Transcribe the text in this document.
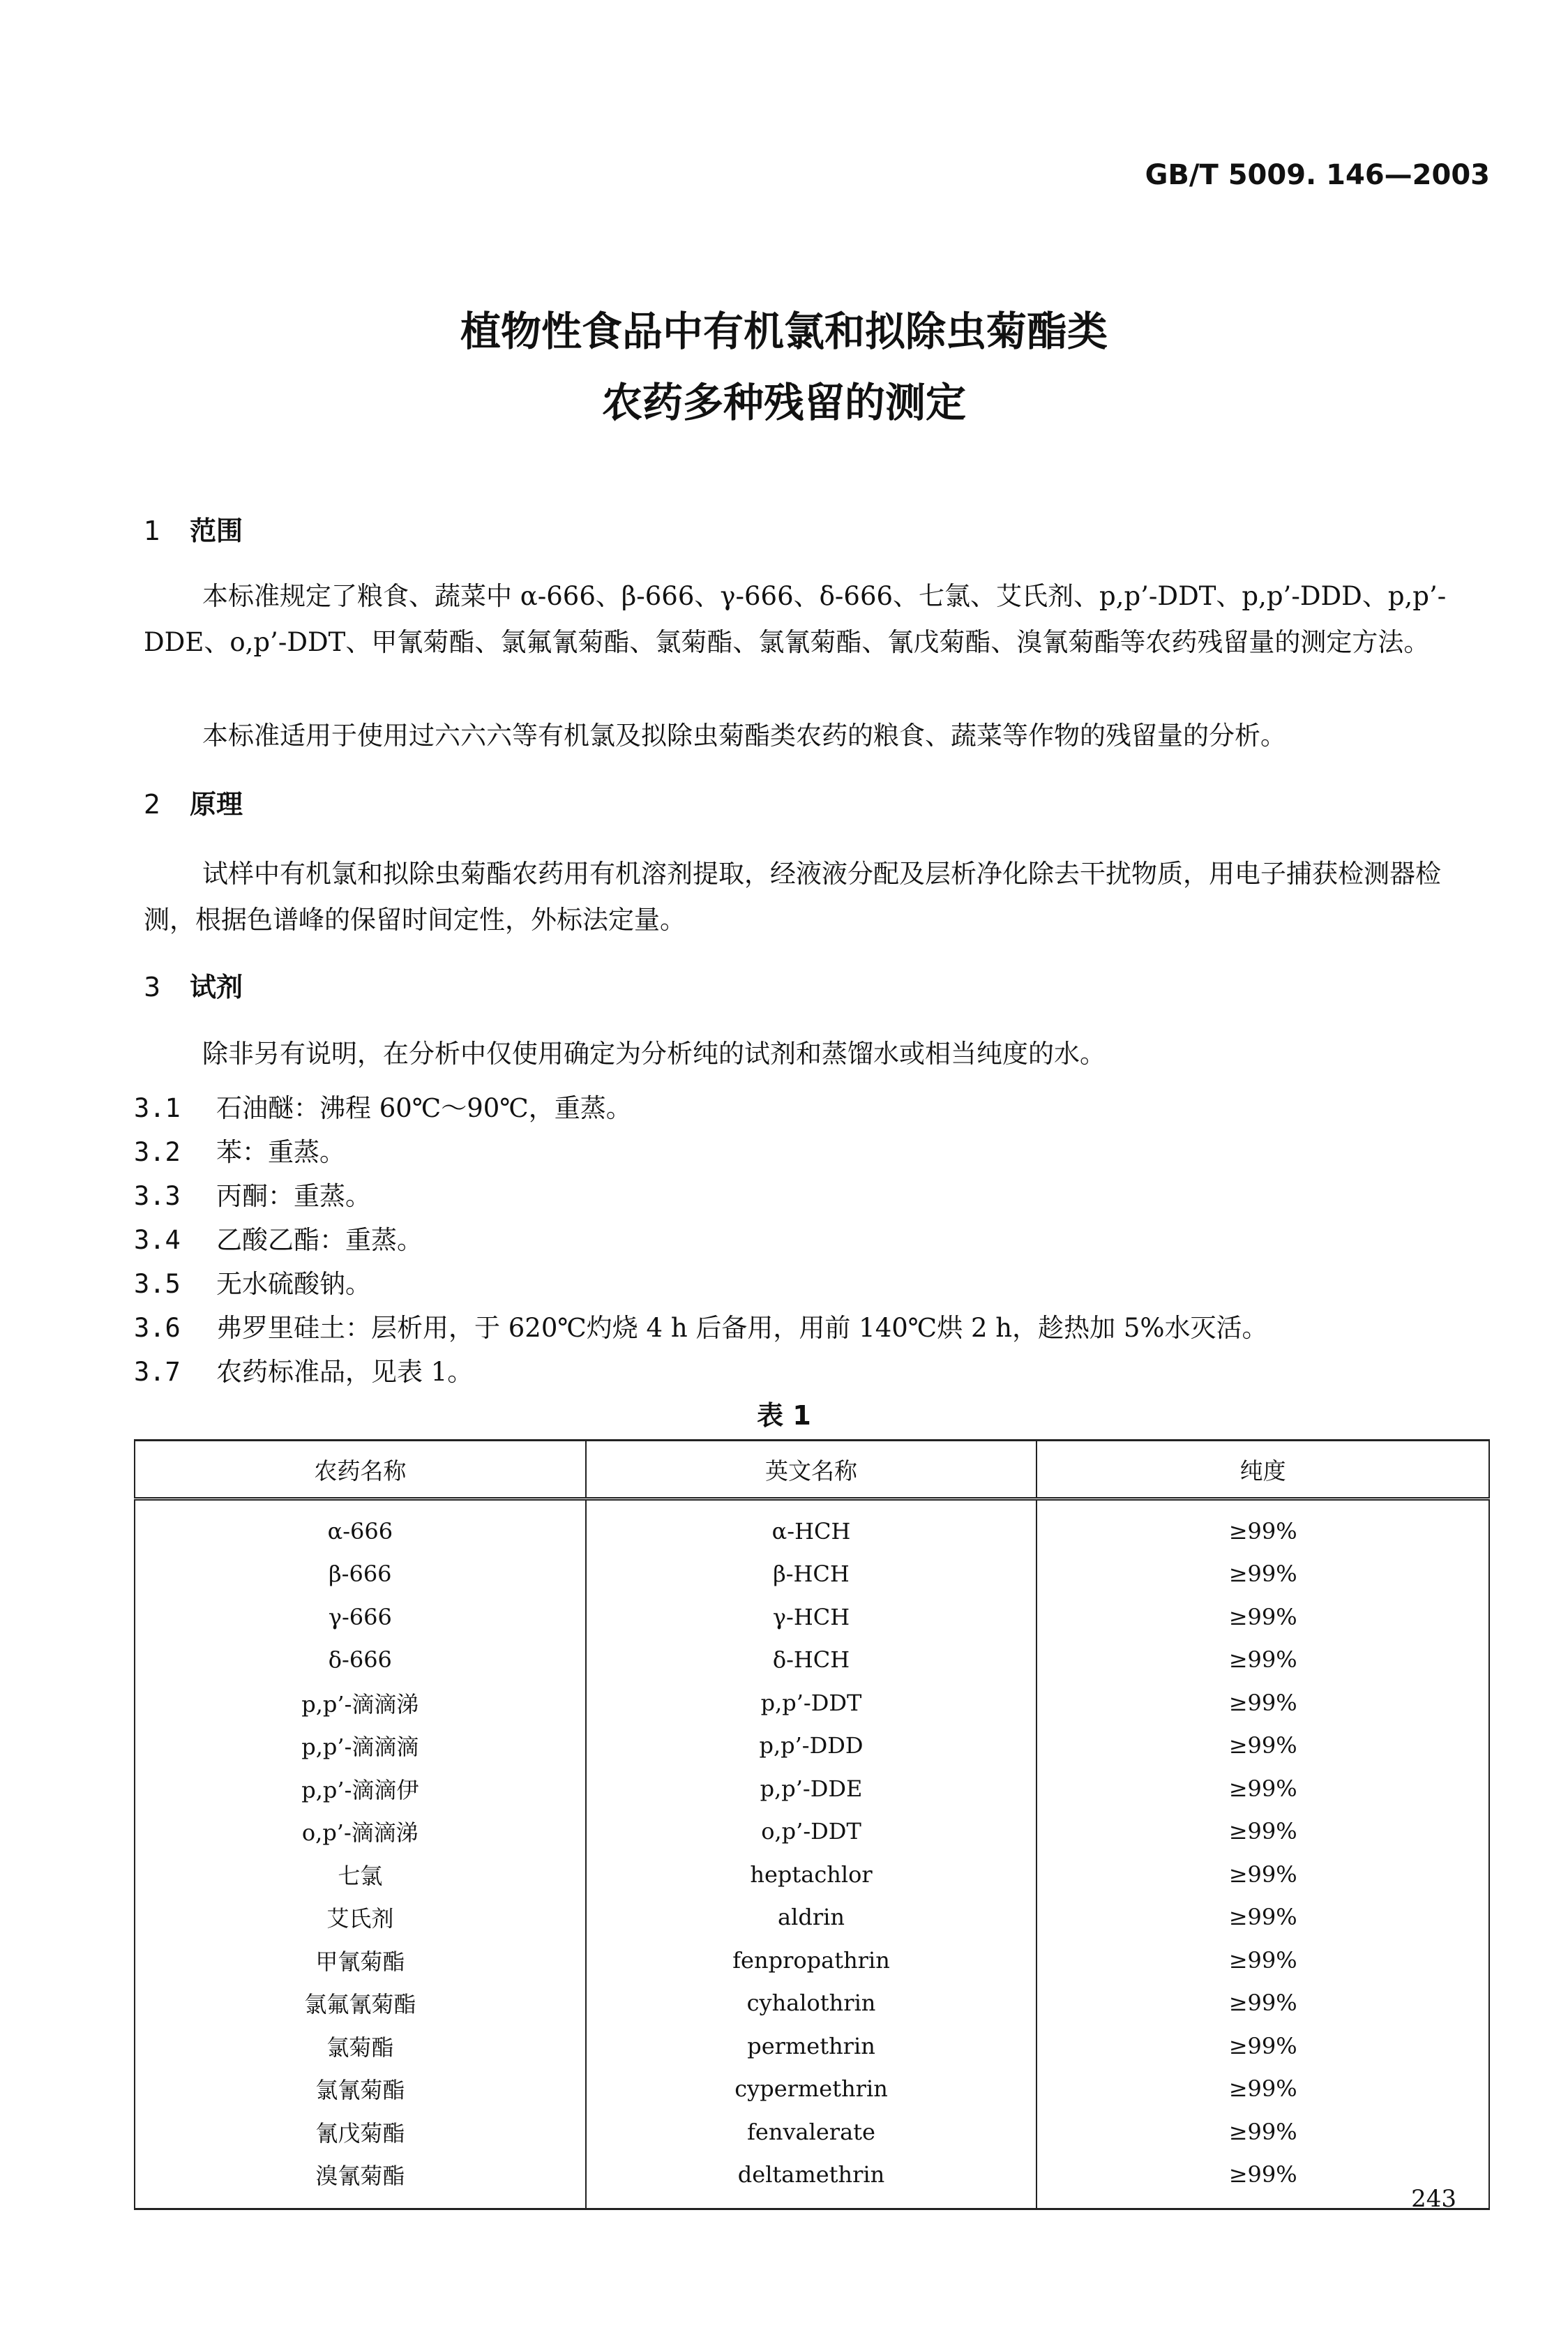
GB/T 5009. 146—2003
植物性食品中有机氯和拟除虫菊酯类
农药多种残留的测定
1 范围
本标准规定了粮食、蔬菜中 α-666、β-666、γ-666、δ-666、七氯、艾氏剂、p,p’-DDT、p,p’-DDD、p,p’-DDE、o,p’-DDT、甲氰菊酯、氯氟氰菊酯、氯菊酯、氯氰菊酯、氰戊菊酯、溴氰菊酯等农药残留量的测定方法。
本标准适用于使用过六六六等有机氯及拟除虫菊酯类农药的粮食、蔬菜等作物的残留量的分析。
2 原理
试样中有机氯和拟除虫菊酯农药用有机溶剂提取，经液液分配及层析净化除去干扰物质，用电子捕获检测器检测，根据色谱峰的保留时间定性，外标法定量。
3 试剂
除非另有说明，在分析中仅使用确定为分析纯的试剂和蒸馏水或相当纯度的水。
3.1 石油醚：沸程 60℃～90℃，重蒸。
3.2 苯：重蒸。
3.3 丙酮：重蒸。
3.4 乙酸乙酯：重蒸。
3.5 无水硫酸钠。
3.6 弗罗里硅土：层析用，于 620℃灼烧 4 h 后备用，用前 140℃烘 2 h，趁热加 5%水灭活。
3.7 农药标准品，见表 1。
表 1
农药名称	英文名称	纯度
α-666	α-HCH	≥99%
β-666	β-HCH	≥99%
γ-666	γ-HCH	≥99%
δ-666	δ-HCH	≥99%
p,p’-滴滴涕	p,p’-DDT	≥99%
p,p’-滴滴滴	p,p’-DDD	≥99%
p,p’-滴滴伊	p,p’-DDE	≥99%
o,p’-滴滴涕	o,p’-DDT	≥99%
七氯	heptachlor	≥99%
艾氏剂	aldrin	≥99%
甲氰菊酯	fenpropathrin	≥99%
氯氟氰菊酯	cyhalothrin	≥99%
氯菊酯	permethrin	≥99%
氯氰菊酯	cypermethrin	≥99%
氰戊菊酯	fenvalerate	≥99%
溴氰菊酯	deltamethrin	≥99%
243
